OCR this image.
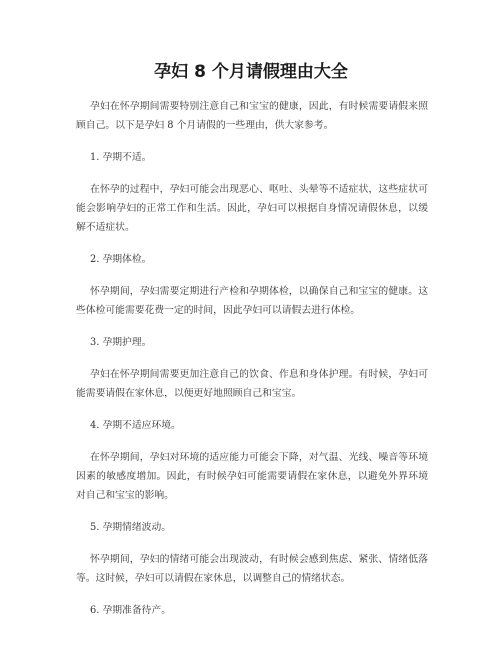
孕妇 8 个月请假理由大全

孕妇在怀孕期间需要特别注意自己和宝宝的健康，因此，有时候需要请假来照顾自己。以下是孕妇 8 个月请假的一些理由，供大家参考。

1. 孕期不适。

在怀孕的过程中，孕妇可能会出现恶心、呕吐、头晕等不适症状，这些症状可能会影响孕妇的正常工作和生活。因此，孕妇可以根据自身情况请假休息，以缓解不适症状。

2. 孕期体检。

怀孕期间，孕妇需要定期进行产检和孕期体检，以确保自己和宝宝的健康。这些体检可能需要花费一定的时间，因此孕妇可以请假去进行体检。

3. 孕期护理。

孕妇在怀孕期间需要更加注意自己的饮食、作息和身体护理。有时候，孕妇可能需要请假在家休息，以便更好地照顾自己和宝宝。

4. 孕期不适应环境。

在怀孕期间，孕妇对环境的适应能力可能会下降，对气温、光线、噪音等环境因素的敏感度增加。因此，有时候孕妇可能需要请假在家休息，以避免外界环境对自己和宝宝的影响。

5. 孕期情绪波动。

怀孕期间，孕妇的情绪可能会出现波动，有时候会感到焦虑、紧张、情绪低落等。这时候，孕妇可以请假在家休息，以调整自己的情绪状态。

6. 孕期准备待产。
